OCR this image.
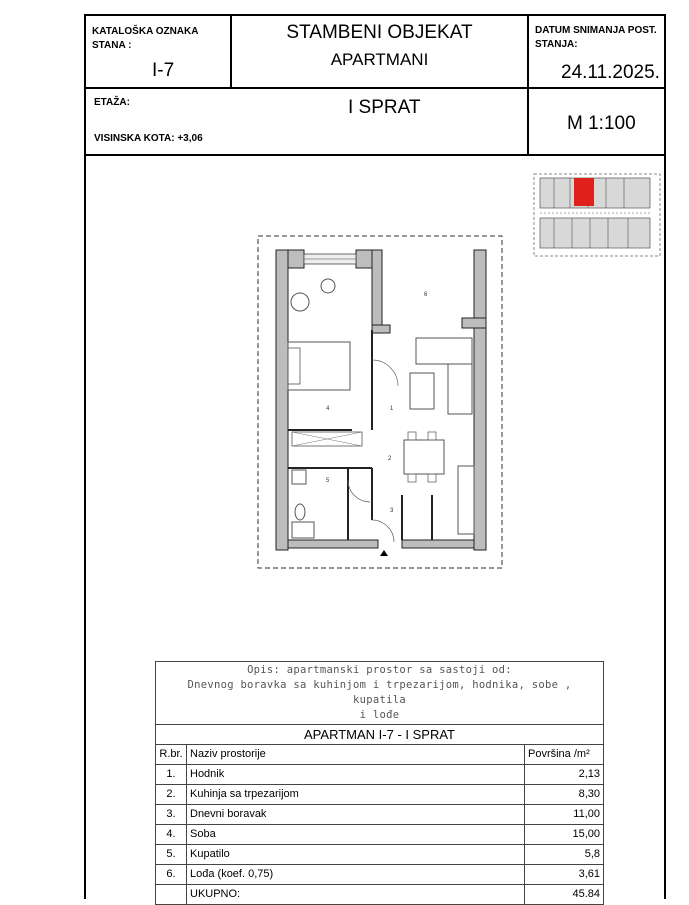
KATALOŠKA OZNAKA
STANA :
I-7
STAMBENI OBJEKAT
APARTMANI
DATUM SNIMANJA POST. STANJA:
24.11.2025.
ETAŽA:
VISINSKA KOTA: +3,06
I SPRAT
M 1:100
4	1
2
3
5
6
Opis: apartmanski prostor sa sastoji od:
Dnevnog boravka sa kuhinjom i trpezarijom, hodnika, sobe , kupatila
i lođe		

APARTMAN I-7 - I SPRAT		
R.br.	Naziv prostorije	Površina /m²
1.	Hodnik	2,13
2.	Kuhinja sa trpezarijom	8,30
3.	Dnevni boravak	11,00
4.	Soba	15,00
5.	Kupatilo	5,8
6.	Lođa (koef. 0,75)	3,61
	UKUPNO:	45.84
